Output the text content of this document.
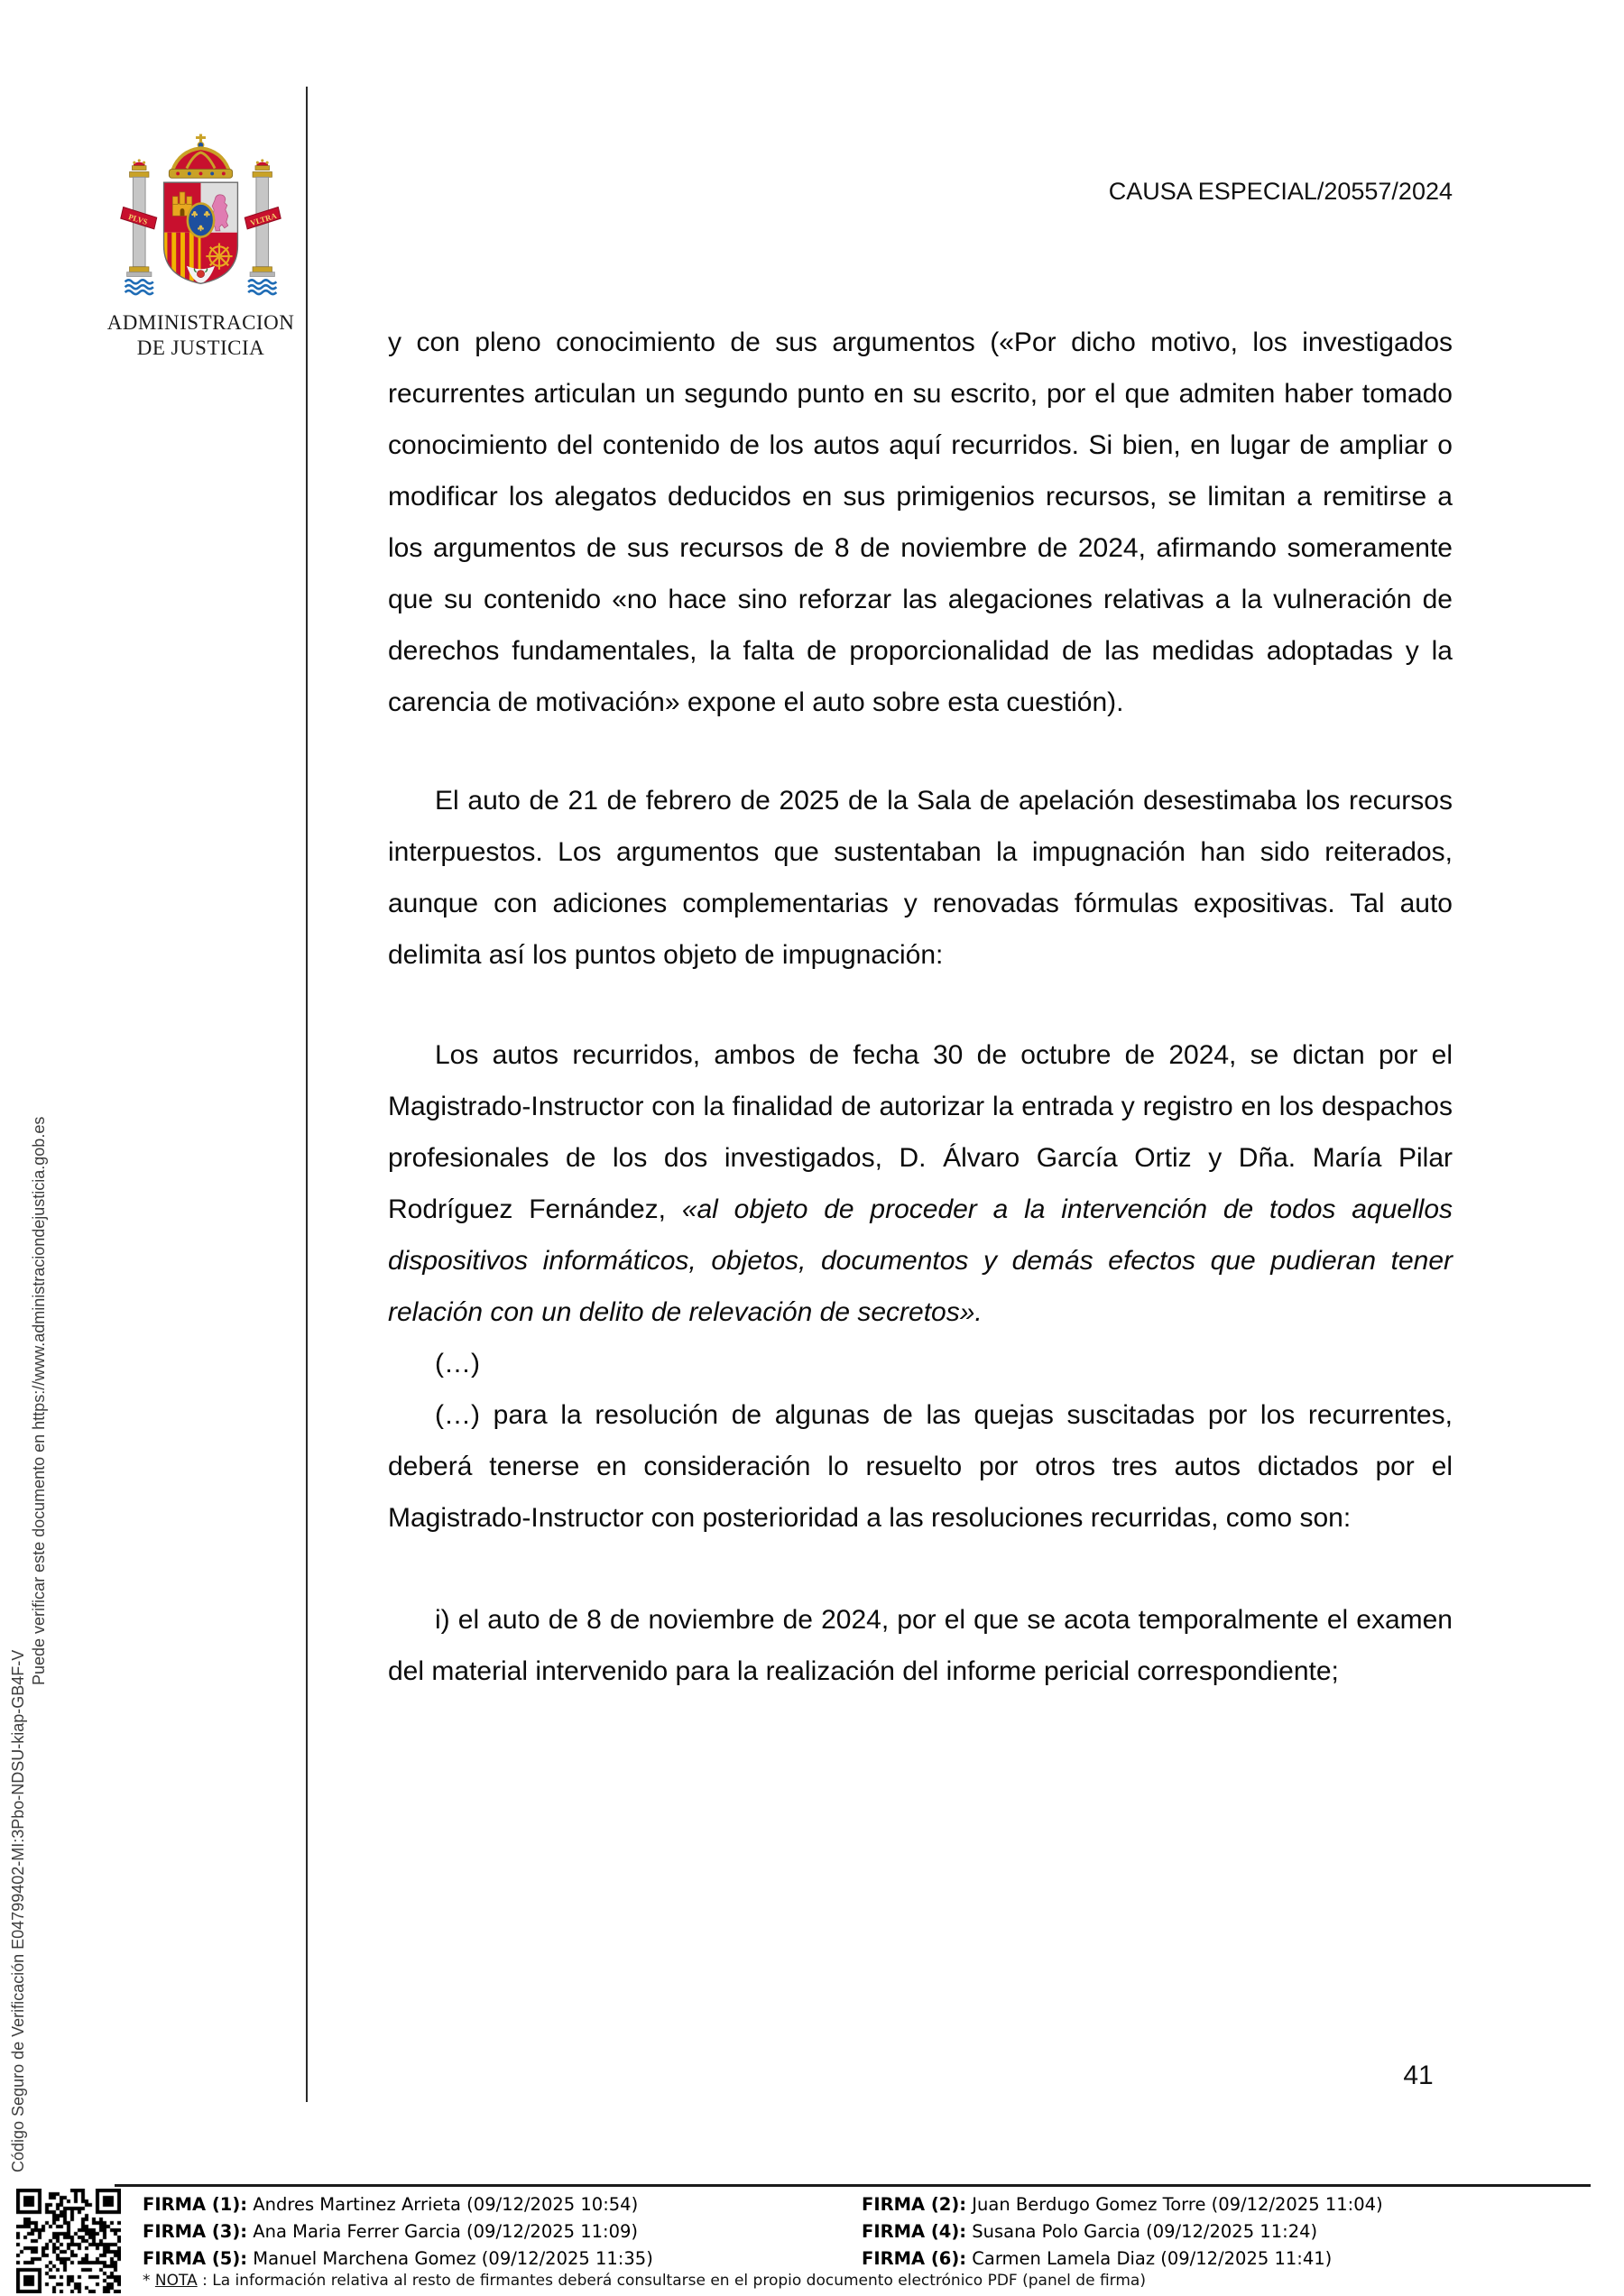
PLVS	VLTRA
ADMINISTRACION
DE JUSTICIA
CAUSA ESPECIAL/20557/2024

y con pleno conocimiento de sus argumentos («Por dicho motivo, los investigados recurrentes articulan un segundo punto en su escrito, por el que admiten haber tomado conocimiento del contenido de los autos aquí recurridos. Si bien, en lugar de ampliar o modificar los alegatos deducidos en sus primigenios recursos, se limitan a remitirse a los argumentos de sus recursos de 8 de noviembre de 2024, afirmando someramente que su contenido «no hace sino reforzar las alegaciones relativas a la vulneración de derechos fundamentales, la falta de proporcionalidad de las medidas adoptadas y la carencia de motivación» expone el auto sobre esta cuestión).

El auto de 21 de febrero de 2025 de la Sala de apelación desestimaba los recursos interpuestos. Los argumentos que sustentaban la impugnación han sido reiterados, aunque con adiciones complementarias y renovadas fórmulas expositivas. Tal auto delimita así los puntos objeto de impugnación:

Los autos recurridos, ambos de fecha 30 de octubre de 2024, se dictan por el Magistrado-Instructor con la finalidad de autorizar la entrada y registro en los despachos profesionales de los dos investigados, D. Álvaro García Ortiz y Dña. María Pilar Rodríguez Fernández, «al objeto de proceder a la intervención de todos aquellos dispositivos informáticos, objetos, documentos y demás efectos que pudieran tener relación con un delito de relevación de secretos».

(…)

(…) para la resolución de algunas de las quejas suscitadas por los recurrentes, deberá tenerse en consideración lo resuelto por otros tres autos dictados por el Magistrado-Instructor con posterioridad a las resoluciones recurridas, como son:

i) el auto de 8 de noviembre de 2024, por el que se acota temporalmente el examen del material intervenido para la realización del informe pericial correspondiente;

41
Código Seguro de Verificación E04799402-MI:3Pbo-NDSU-kiap-GB4F-V
Puede verificar este documento en https://www.administraciondejusticia.gob.es
FIRMA (1): Andres Martinez Arrieta (09/12/2025 10:54)	FIRMA (2): Juan Berdugo Gomez Torre (09/12/2025 11:04)
FIRMA (3): Ana Maria Ferrer Garcia (09/12/2025 11:09)	FIRMA (4): Susana Polo Garcia (09/12/2025 11:24)
FIRMA (5): Manuel Marchena Gomez (09/12/2025 11:35)	FIRMA (6): Carmen Lamela Diaz (09/12/2025 11:41)
* NOTA : La información relativa al resto de firmantes deberá consultarse en el propio documento electrónico PDF (panel de firma)
